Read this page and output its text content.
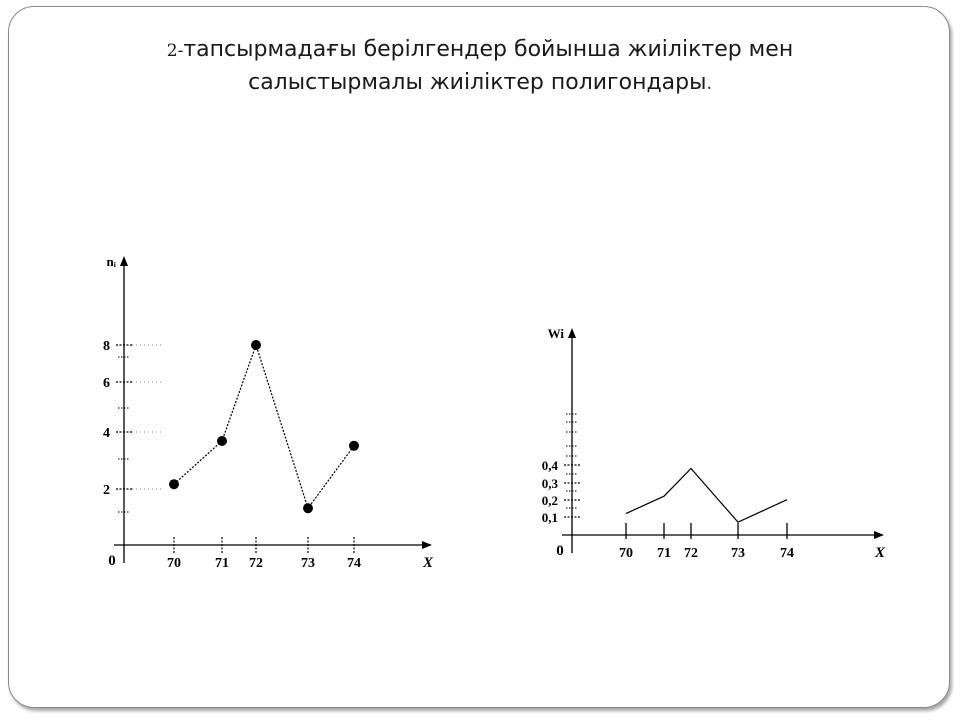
2-тапсырмадағы берілгендер бойынша жиіліктер мен
салыстырмалы жиіліктер полигондары.
2
4
6
8
nᵢ
X
0	70 71 72	73 74
0,1
0,2
0,3
0,4
Wi
X
0	70 71 72 73	74
